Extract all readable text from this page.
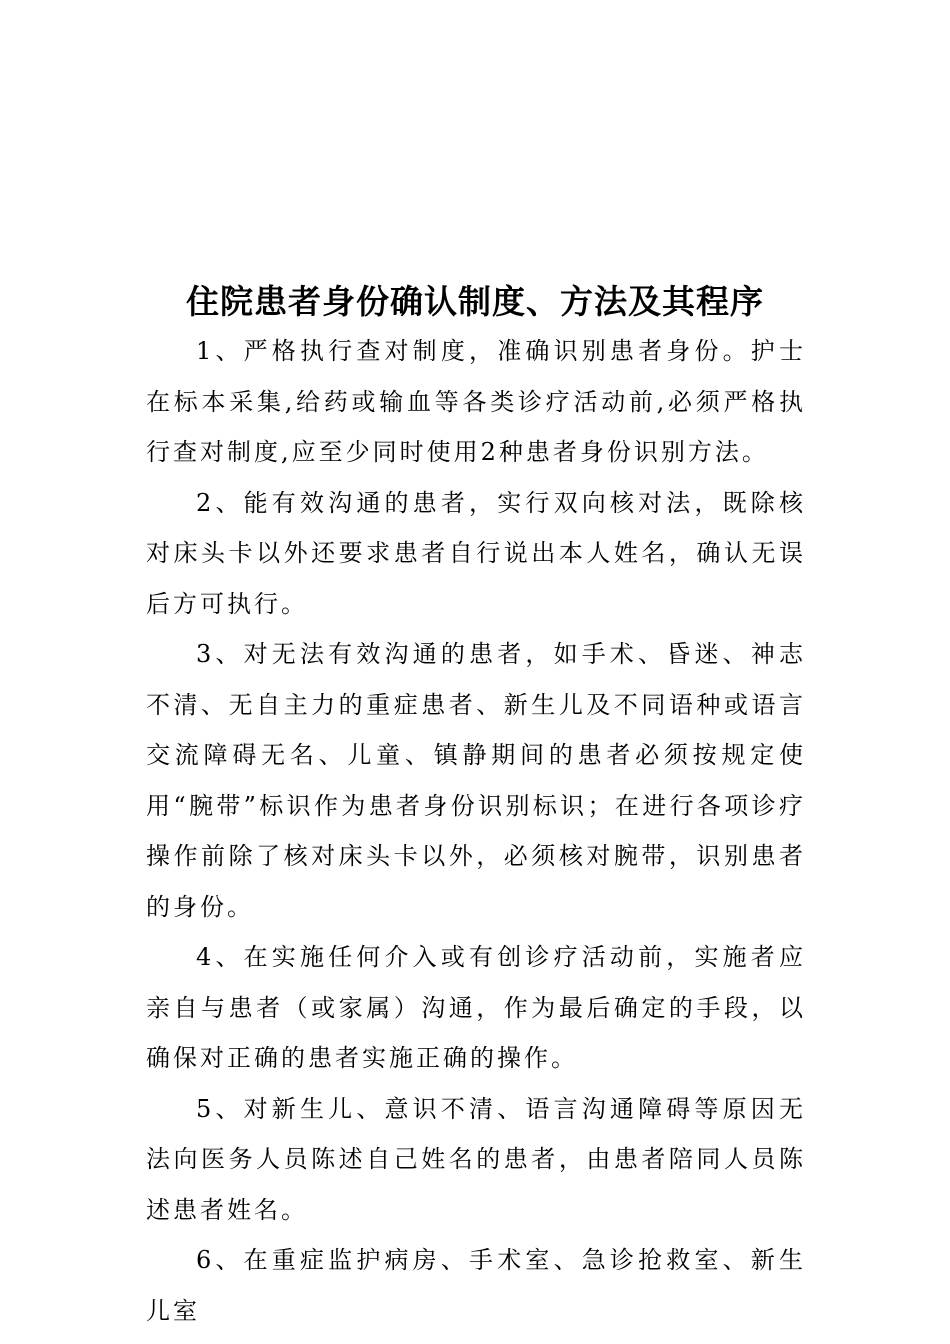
住院患者身份确认制度、方法及其程序

1、严格执行查对制度，准确识别患者身份。护士在标本采集,给药或输血等各类诊疗活动前,必须严格执行查对制度,应至少同时使用2种患者身份识别方法。

2、能有效沟通的患者，实行双向核对法，既除核对床头卡以外还要求患者自行说出本人姓名，确认无误后方可执行。

3、对无法有效沟通的患者，如手术、昏迷、神志不清、无自主力的重症患者、新生儿及不同语种或语言交流障碍无名、儿童、镇静期间的患者必须按规定使用“腕带”标识作为患者身份识别标识；在进行各项诊疗操作前除了核对床头卡以外，必须核对腕带，识别患者的身份。

4、在实施任何介入或有创诊疗活动前，实施者应亲自与患者（或家属）沟通，作为最后确定的手段，以确保对正确的患者实施正确的操作。

5、对新生儿、意识不清、语言沟通障碍等原因无法向医务人员陈述自己姓名的患者，由患者陪同人员陈述患者姓名。

6、在重症监护病房、手术室、急诊抢救室、新生儿室
